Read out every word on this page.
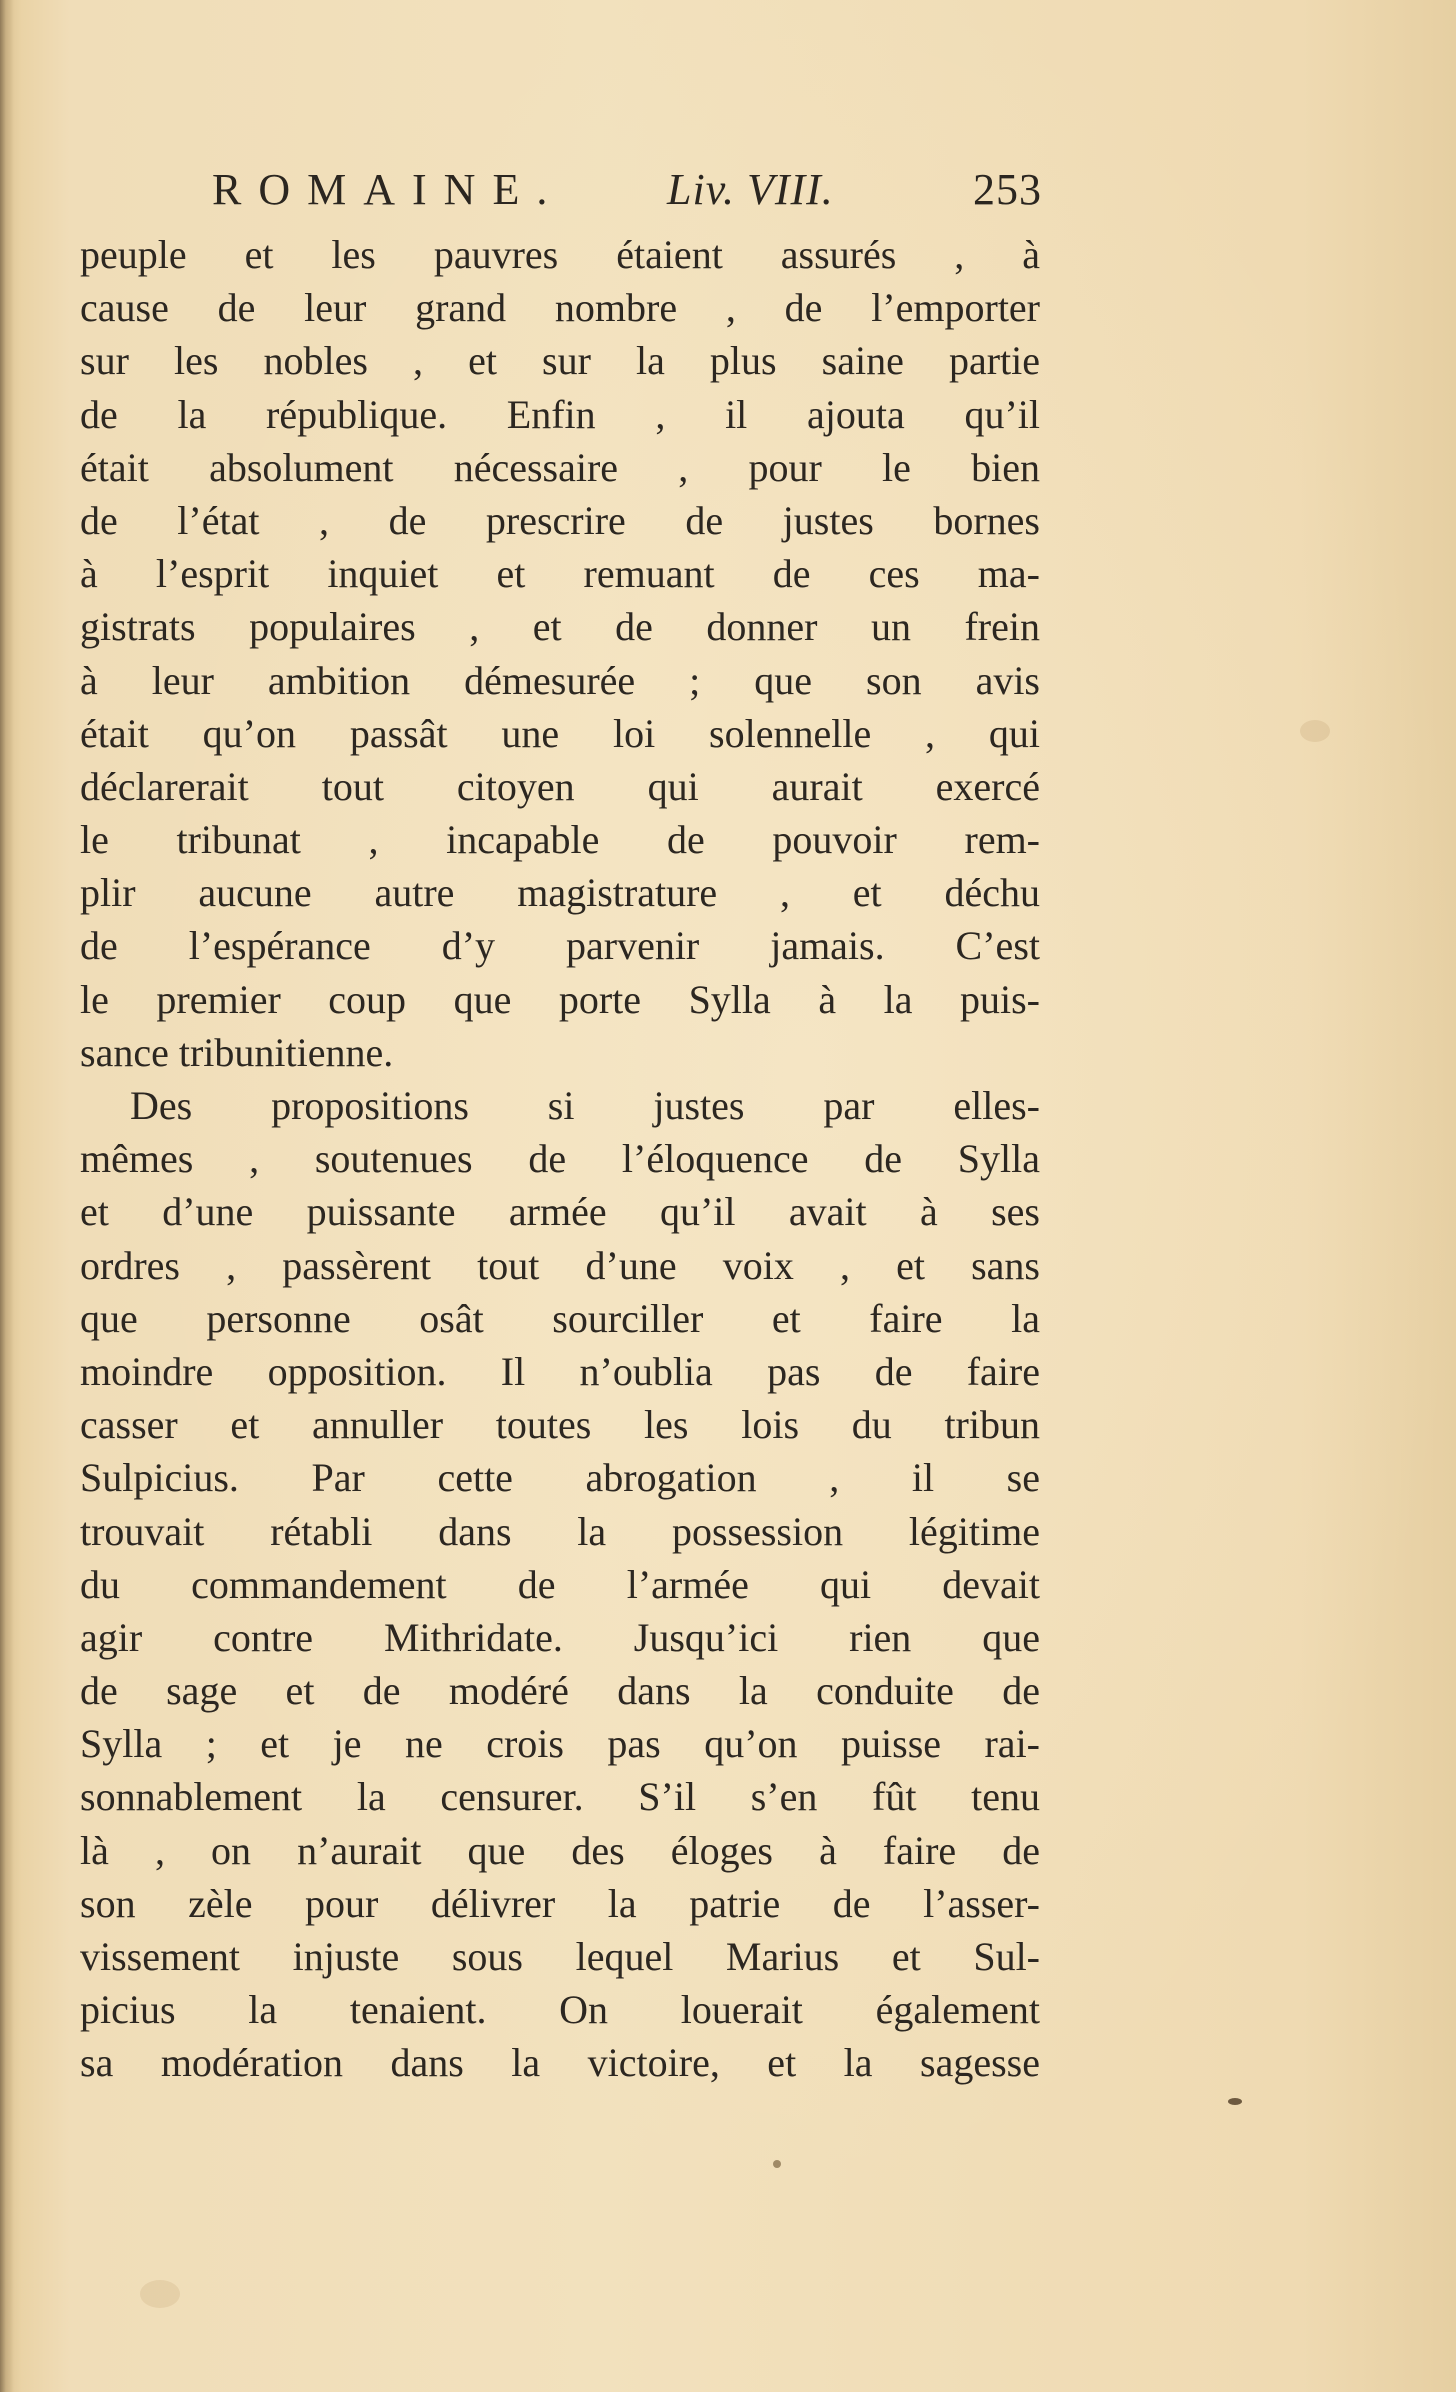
ROMAINE. Liv. VIII.	253
peuple et les pauvres étaient assurés , à
cause de leur grand nombre , de l’emporter
sur les nobles , et sur la plus saine partie
de la république. Enfin , il ajouta qu’il
était absolument nécessaire , pour le bien
de l’état , de prescrire de justes bornes
à l’esprit inquiet et remuant de ces ma-
gistrats populaires , et de donner un frein
à leur ambition démesurée ; que son avis
était qu’on passât une loi solennelle , qui
déclarerait tout citoyen qui aurait exercé
le tribunat , incapable de pouvoir rem-
plir aucune autre magistrature , et déchu
de l’espérance d’y parvenir jamais. C’est
le premier coup que porte Sylla à la puis-
sance tribunitienne.
Des propositions si justes par elles-
mêmes , soutenues de l’éloquence de Sylla
et d’une puissante armée qu’il avait à ses
ordres , passèrent tout d’une voix , et sans
que personne osât sourciller et faire la
moindre opposition. Il n’oublia pas de faire
casser et annuller toutes les lois du tribun
Sulpicius. Par cette abrogation , il se
trouvait rétabli dans la possession légitime
du commandement de l’armée qui devait
agir contre Mithridate. Jusqu’ici rien que
de sage et de modéré dans la conduite de
Sylla ; et je ne crois pas qu’on puisse rai-
sonnablement la censurer. S’il s’en fût tenu
là , on n’aurait que des éloges à faire de
son zèle pour délivrer la patrie de l’asser-
vissement injuste sous lequel Marius et Sul-
picius la tenaient. On louerait également
sa modération dans la victoire, et la sagesse
